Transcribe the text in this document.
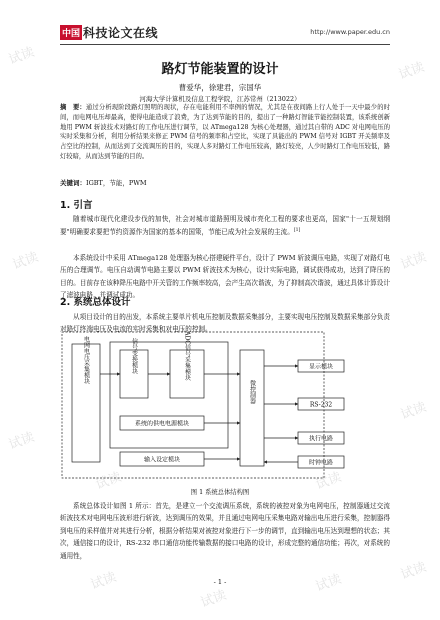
试读
试读
试读	试读
试读
试读
试读
试读
试读
试读	试读
试读
中国 科技论文在线	http://www.paper.edu.cn
路灯节能装置的设计
曹爱华，徐建君，宗国华
河海大学计算机及信息工程学院，江苏常州（213022）
摘　要：通过分析现阶段路灯照明的现状，存在电能利用不率例的情况，尤其是在夜间路上行人处于一天中最少的时间，而电网电压却最高，使得电能造成了浪费，为了达到节能的目的，提出了一种路灯智能节能控制装置，该系统创新地用 PWM 斩波技术对路灯的工作电压进行调节，以 ATmega128 为核心处理器，通过其自带的 ADC 对电网电压的实时采集和分析，利用分析结果来修正 PWM 信号的频率和占空比，实现了具能出的 PWM 信号对 IGBT 开关频率及占空比的控制，从而达到了交流调压的目的，实现人多对路灯工作电压较高，路灯较亮，人少时路灯工作电压较低，路灯较暗，从而达到节能的目的。
关键词：IGBT，节能，PWM
1. 引言
随着城市现代化建设步伐的加快，社会对城市道路照明及城市亮化工程的要求也更高，国家"十一五规划纲要"明确要求要把节约资源作为国家的基本的国策，节能已成为社会发展的主流。[1]
本系统设计中采用 ATmega128 处理器为核心搭建硬件平台，设计了 PWM 斩波调压电路，实现了对路灯电压的合理调节。电压自动调节电路主要以 PWM 斩波技术为核心，设计实际电路，调试获得成功，达到了降压的目的。目前存在该种降压电路中开关管的工作频率较高，会产生高次谐波，为了抑制高次谐波，通过具体计算设计了滤波电路，并调试成功。
2. 系统总体设计
从项目设计的目的出发，本系统主要单片机电压控制及数据采集部分，主要实现电压控制及数据采集部分负责对路灯终端电压及电流的实时采集和对电压的控制。
电网电压采集模块	信号变换模块	ADC信号采集模块
系统的供电电源模块
输入设定模块
微控制器
显示模块
RS-232
执行电路
时钟电路
图 1 系统总体结构图
系统总体设计如图 1 所示：首先，是建立一个交流调压系统，系统的被控对象为电网电压，控制器通过交流斩波技术对电网电压波形进行斩波，达到调压的效果，并且通过电网电压采集电路对输出电压进行采集，控制器得到电压的采样值并对其进行分析，根据分析结果对被控对象进行下一步的调节，直到输出电压达到理想的状态；其次，通信接口的设计，RS-232 串口通信功能传输数据的接口电路的设计，形成完整的通信功能；再次，对系统的通用性，
- 1 -
